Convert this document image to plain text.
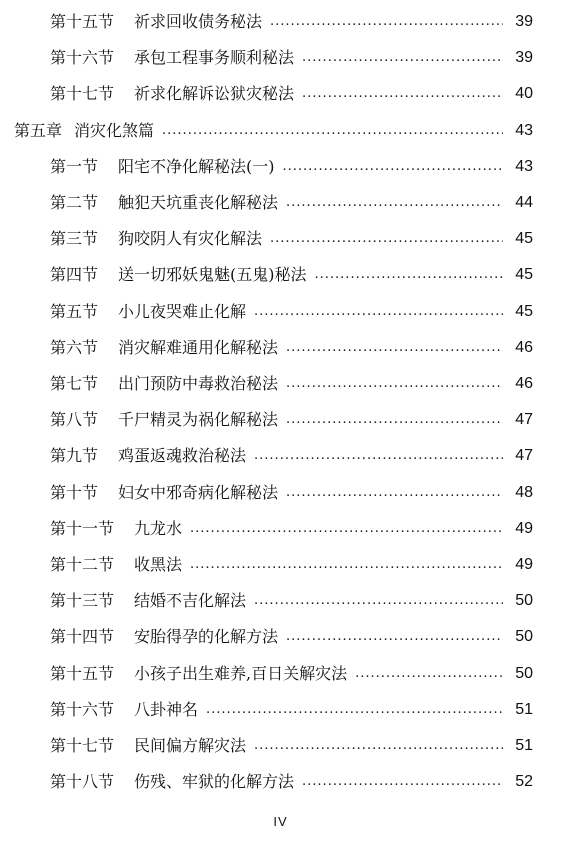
第十五节 祈求回收债务秘法 .....	39
第十六节 承包工程事务顺利秘法 .....	39
第十七节 祈求化解诉讼狱灾秘法 .....	40
第五章 消灾化煞篇 .....	43
第一节 阳宅不净化解秘法(一) .....	43
第二节 触犯天坑重丧化解秘法 .....	44
第三节 狗咬阴人有灾化解法 .....	45
第四节 送一切邪妖鬼魅(五鬼)秘法 .....	45
第五节 小儿夜哭难止化解 .....	45
第六节 消灾解难通用化解秘法 .....	46
第七节 出门预防中毒救治秘法 .....	46
第八节 千尸精灵为祸化解秘法 .....	47
第九节 鸡蛋返魂救治秘法 .....	47
第十节 妇女中邪奇病化解秘法 .....	48
第十一节 九龙水 .....	49
第十二节 收黑法 .....	49
第十三节 结婚不吉化解法 .....	50
第十四节 安胎得孕的化解方法 .....	50
第十五节 小孩子出生难养,百日关解灾法 .....	50
第十六节 八卦神名 .....	51
第十七节 民间偏方解灾法 .....	51
第十八节 伤残、牢狱的化解方法 .....	52
IV
